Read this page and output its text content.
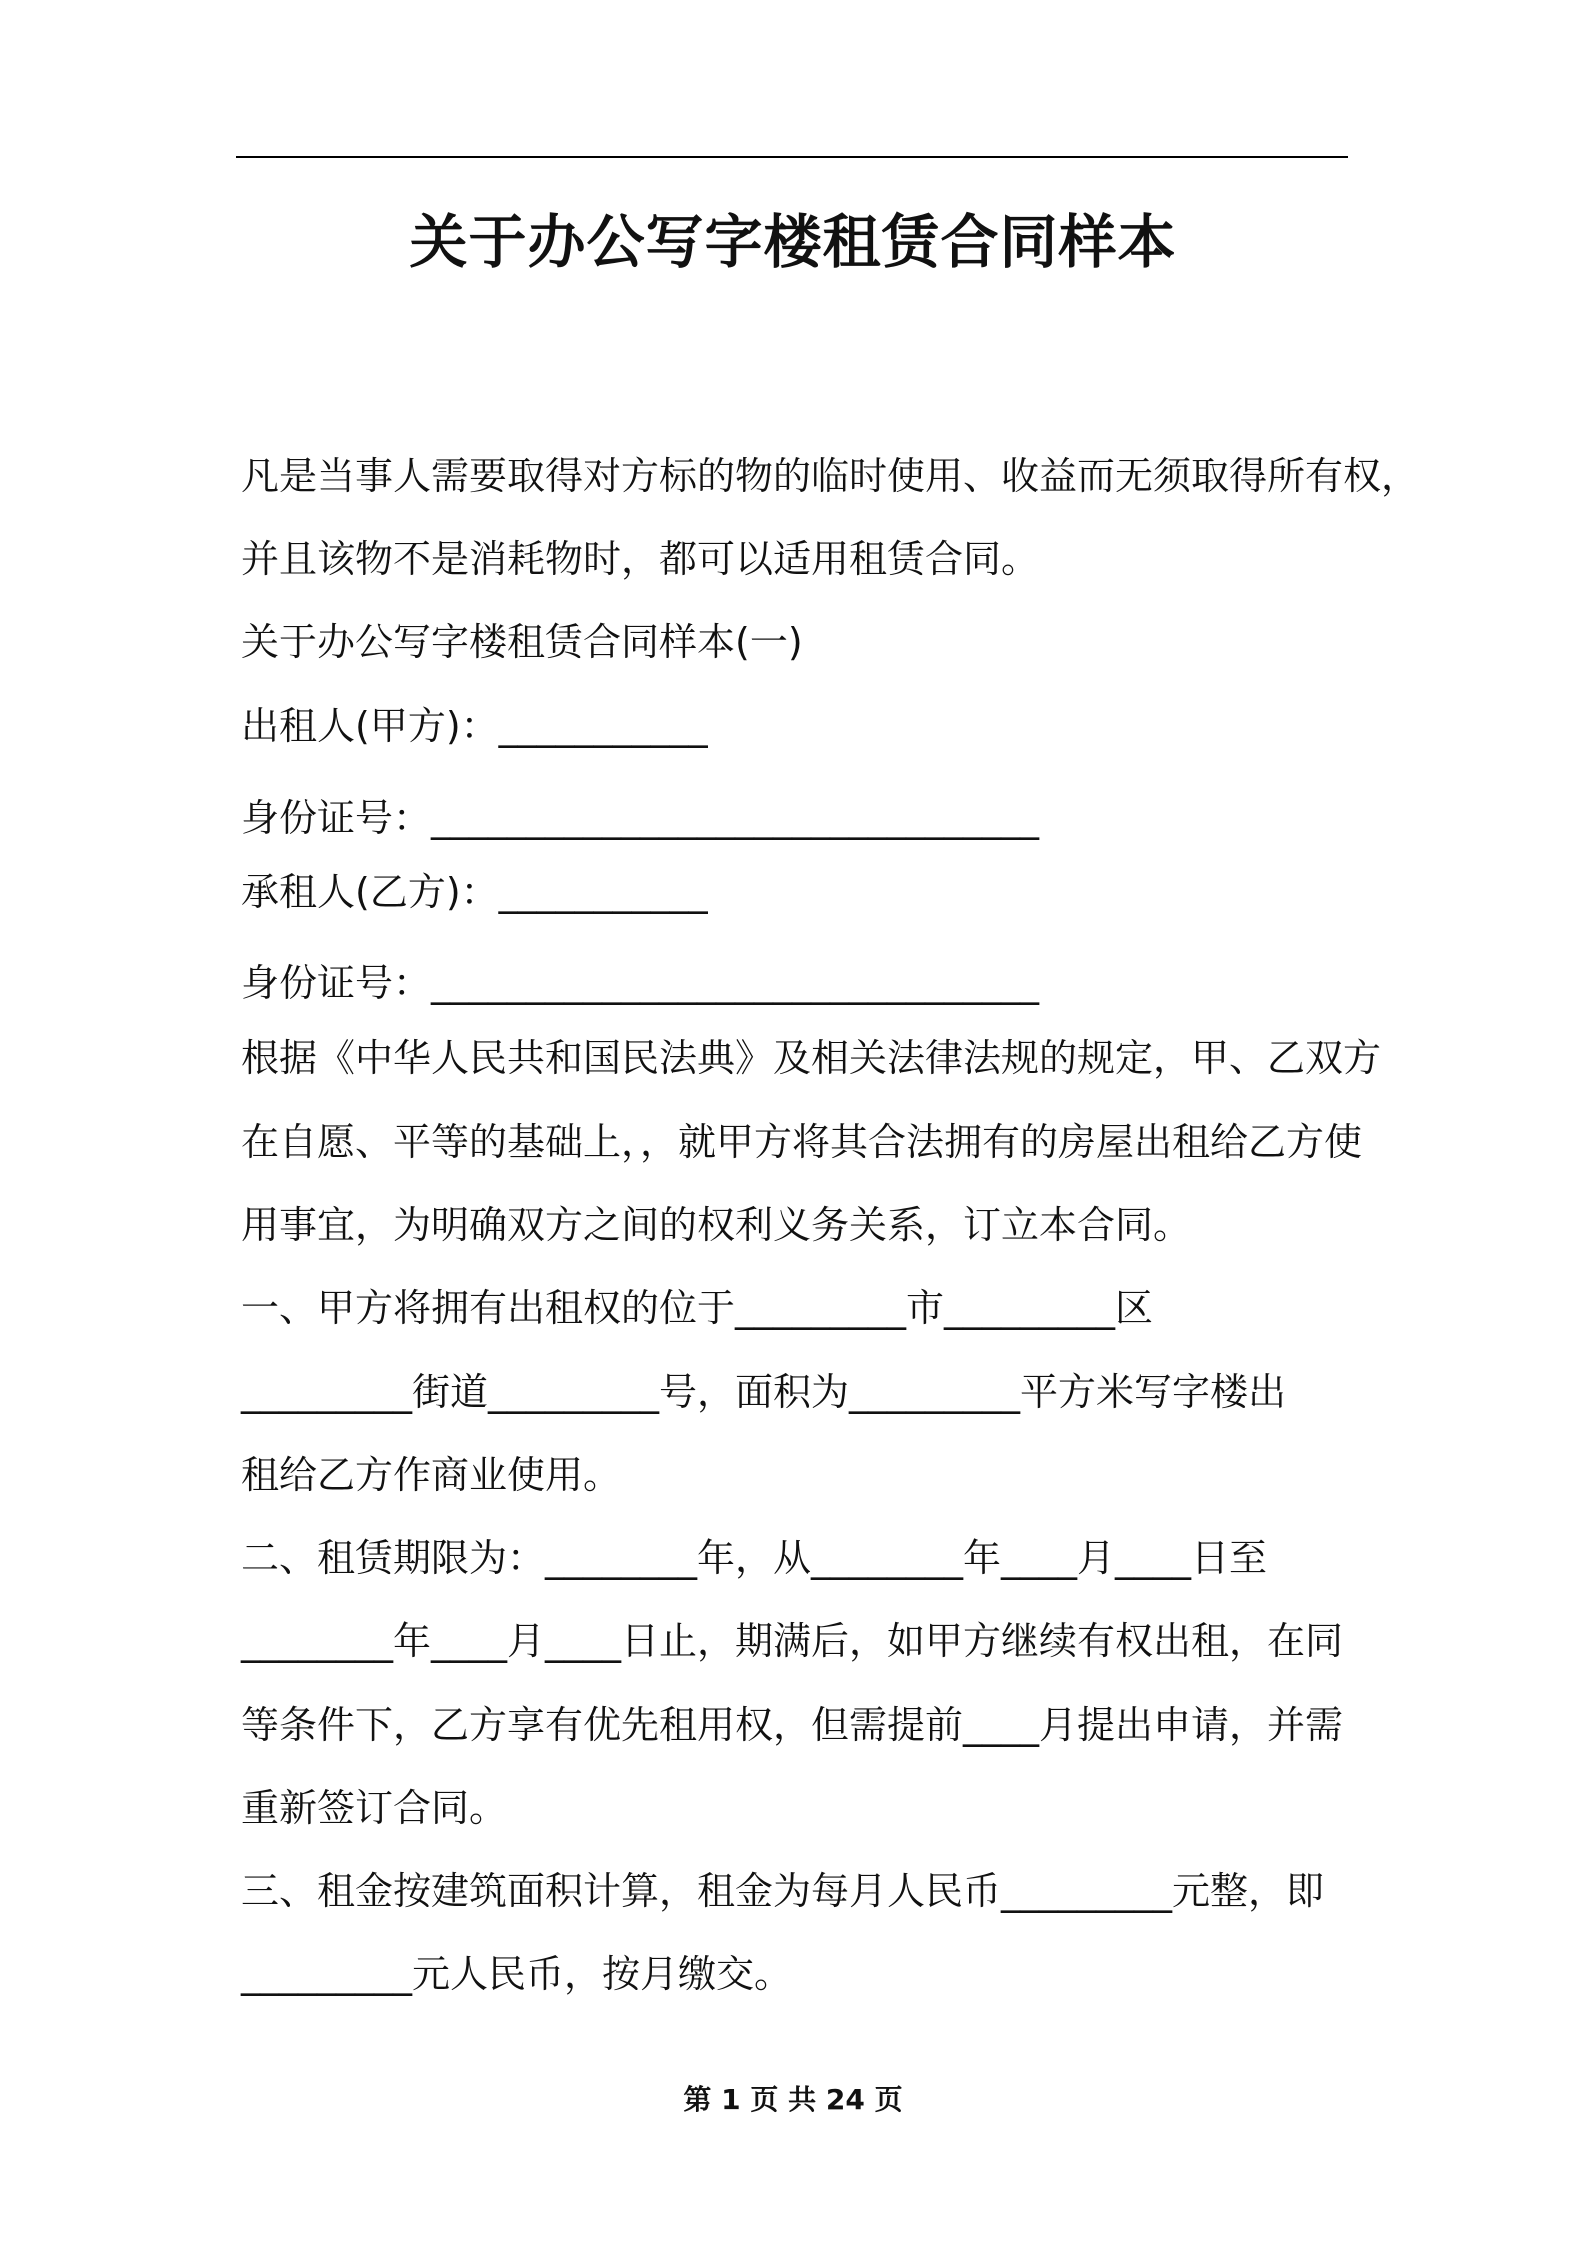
关于办公写字楼租赁合同样本
凡是当事人需要取得对方标的物的临时使用、收益而无须取得所有权，
并且该物不是消耗物时，都可以适用租赁合同。
关于办公写字楼租赁合同样本(一)
出租人(甲方)：___________
身份证号：________________________________
承租人(乙方)：___________
身份证号：________________________________
根据《中华人民共和国民法典》及相关法律法规的规定，甲、乙双方
在自愿、平等的基础上，，就甲方将其合法拥有的房屋出租给乙方使
用事宜，为明确双方之间的权利义务关系，订立本合同。
一、甲方将拥有出租权的位于_________市_________区
_________街道_________号，面积为_________平方米写字楼出
租给乙方作商业使用。
二、租赁期限为：________年，从________年____月____日至
________年____月____日止，期满后，如甲方继续有权出租，在同
等条件下，乙方享有优先租用权，但需提前____月提出申请，并需
重新签订合同。
三、租金按建筑面积计算，租金为每月人民币_________元整，即
_________元人民币，按月缴交。
第 1 页 共 24 页
